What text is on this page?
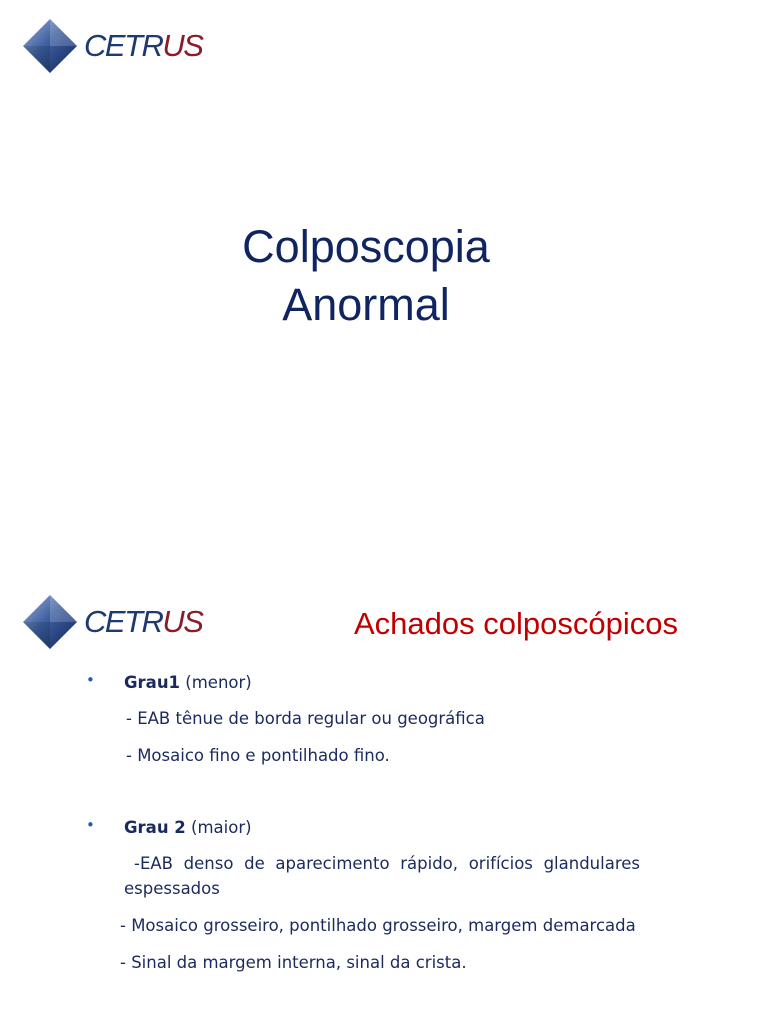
CETRUS
Colposcopia
Anormal
CETRUS	Achados colposcópicos
• Grau1 (menor)
- EAB tênue de borda regular ou geográfica
- Mosaico fino e pontilhado fino.
• Grau 2 (maior)
-EAB denso de aparecimento rápido, orifícios glandulares
espessados
- Mosaico grosseiro, pontilhado grosseiro, margem demarcada
- Sinal da margem interna, sinal da crista.
